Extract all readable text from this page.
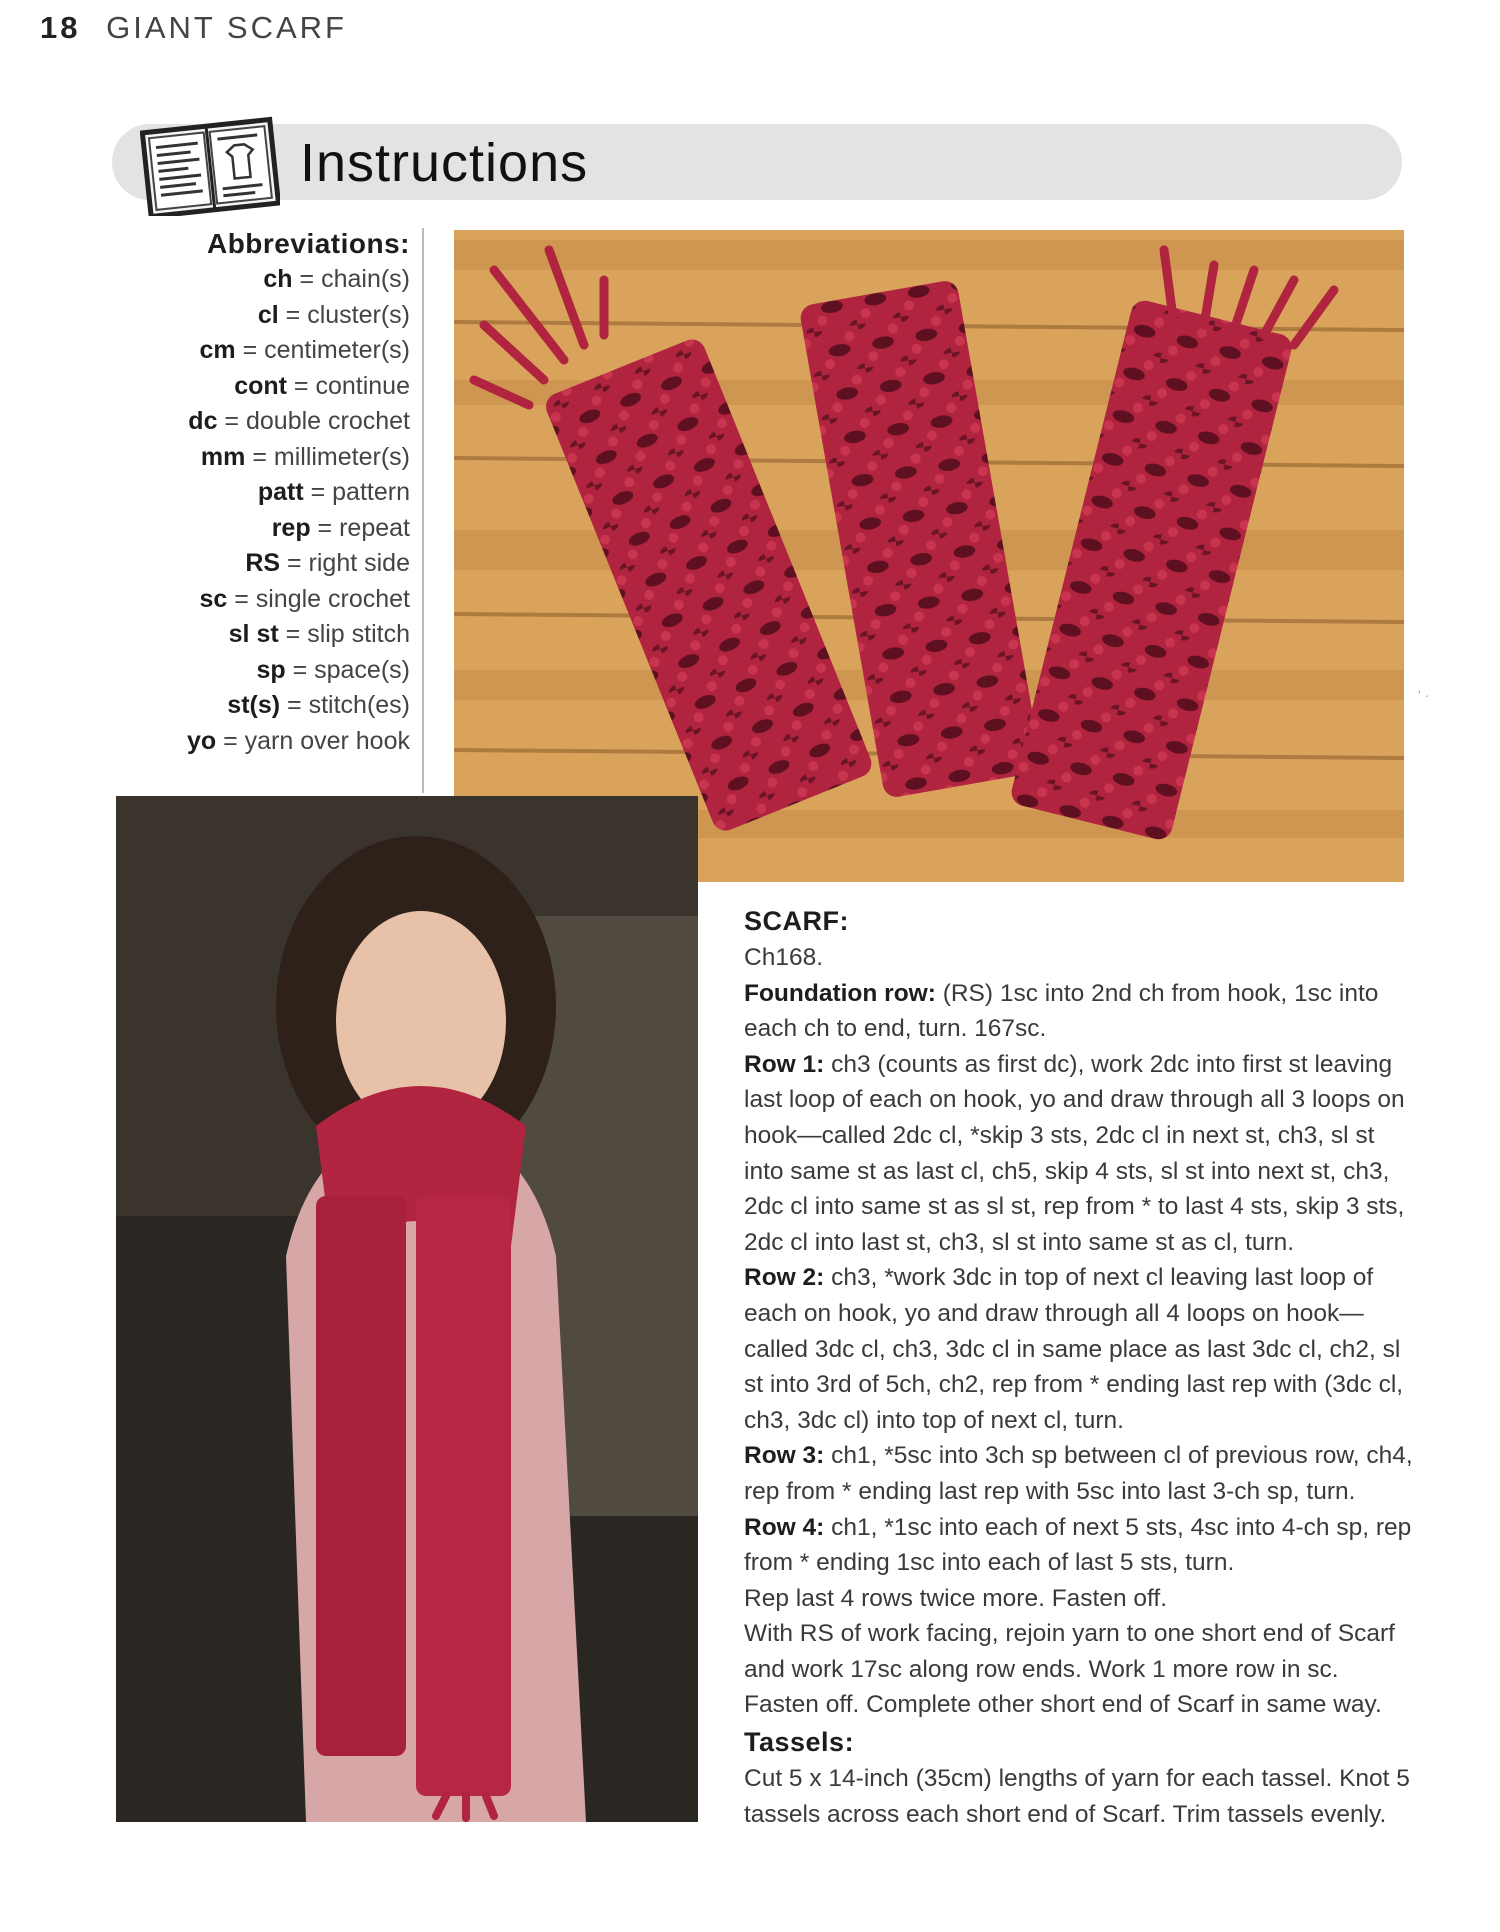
18 GIANT SCARF
Instructions
Abbreviations:
ch = chain(s)
cl = cluster(s)
cm = centimeter(s)
cont = continue
dc = double crochet
mm = millimeter(s)
patt = pattern
rep = repeat
RS = right side
sc = single crochet
sl st = slip stitch
sp = space(s)
st(s) = stitch(es)
yo = yarn over hook
SCARF:

Ch168.

Foundation row: (RS) 1sc into 2nd ch from hook, 1sc into each ch to end, turn. 167sc.

Row 1: ch3 (counts as first dc), work 2dc into first st leaving last loop of each on hook, yo and draw through all 3 loops on hook—called 2dc cl, *skip 3 sts, 2dc cl in next st, ch3, sl st into same st as last cl, ch5, skip 4 sts, sl st into next st, ch3, 2dc cl into same st as sl st, rep from * to last 4 sts, skip 3 sts, 2dc cl into last st, ch3, sl st into same st as cl, turn.

Row 2: ch3, *work 3dc in top of next cl leaving last loop of each on hook, yo and draw through all 4 loops on hook—called 3dc cl, ch3, 3dc cl in same place as last 3dc cl, ch2, sl st into 3rd of 5ch, ch2, rep from * ending last rep with (3dc cl, ch3, 3dc cl) into top of next cl, turn.

Row 3: ch1, *5sc into 3ch sp between cl of previous row, ch4, rep from * ending last rep with 5sc into last 3-ch sp, turn.

Row 4: ch1, *1sc into each of next 5 sts, 4sc into 4-ch sp, rep from * ending 1sc into each of last 5 sts, turn.

Rep last 4 rows twice more. Fasten off.

With RS of work facing, rejoin yarn to one short end of Scarf and work 17sc along row ends. Work 1 more row in sc. Fasten off. Complete other short end of Scarf in same way.

Tassels:

Cut 5 x 14-inch (35cm) lengths of yarn for each tassel. Knot 5 tassels across each short end of Scarf. Trim tassels evenly.

' ·
